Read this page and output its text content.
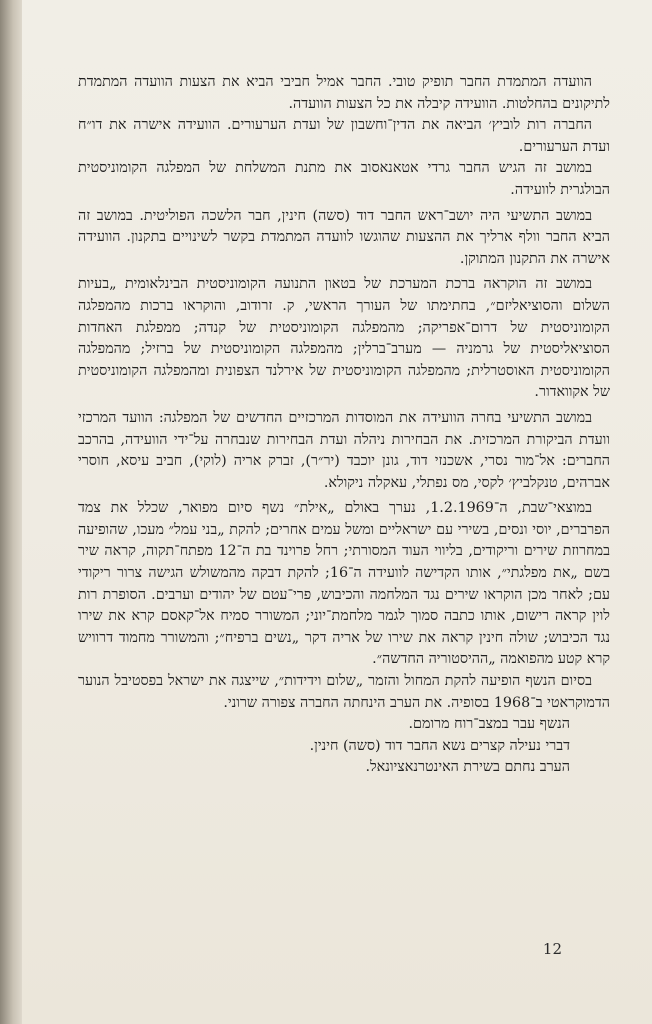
הוועדה המתמדת החבר תופיק טובי. החבר אמיל חביבי הביא את הצעות הוועדה המתמדת לתיקונים בהחלטות. הוועידה קיבלה את כל הצעות הוועדה.

החברה רות לוביץ׳ הביאה את הדין־וחשבון של ועדת הערעורים. הוועידה אישרה את דו״ח ועדת הערעורים.

במושב זה הגיש החבר גרדי אטאנאסוב את מתנת המשלחת של המפלגה הקומוניסטית הבולגרית לוועידה.

במושב התשיעי היה יושב־ראש החבר דוד (סשה) חינין, חבר הלשכה הפוליטית. במושב זה הביא החבר וולף ארליך את ההצעות שהוגשו לוועדה המתמדת בקשר לשינויים בתקנון. הוועידה אישרה את התקנון המתוקן.

במושב זה הוקראה ברכת המערכת של בטאון התנועה הקומוניסטית הבינלאומית „בעיות השלום והסוציאליזם״, בחתימתו של העורך הראשי, ק. זרודוב, והוקראו ברכות מהמפלגה הקומוניסטית של דרום־אפריקה; מהמפלגה הקומוניסטית של קנדה; ממפלגת האחדות הסוציאליסטית של גרמניה — מערב־ברלין; מהמפלגה הקומוניסטית של ברזיל; מהמפלגה הקומוניסטית האוסטרלית; מהמפלגה הקומוניסטית של אירלנד הצפונית ומהמפלגה הקומוניסטית של אקוואדור.

במושב התשיעי בחרה הוועידה את המוסדות המרכזיים החדשים של המפלגה: הוועד המרכזי וועדת הביקורת המרכזית. את הבחירות ניהלה ועדת הבחירות שנבחרה על־ידי הוועידה, בהרכב החברים: אל־מור נסרי, אשכנזי דוד, גונן יוכבד (יר״ר), זברק אריה (לוקי), חביב עיסא, חוסרי אברהים, טנקלביץ׳ לקסי, מס נפתלי, עאקלה ניקולא.

במוצאי־שבת, ה־1.2.1969, נערך באולם „אילת״ נשף סיום מפואר, שכלל את צמד הפרברים, יוסי ונסים, בשירי עם ישראליים ומשל עמים אחרים; להקת „בני עמל״ מעכו, שהופיעה במחרוזת שירים וריקודים, בליווי העוד המסורתי; רחל פרוינד בת ה־12 מפתח־תקוה, קראה שיר בשם „את מפלגתי״, אותו הקדישה לוועידה ה־16; להקת דבקה מהמשולש הגישה צרור ריקודי עם; לאחר מכן הוקראו שירים נגד המלחמה והכיבוש, פרי־עטם של יהודים וערבים. הסופרת רות לוין קראה רישום, אותו כתבה סמוך לגמר מלחמת־יוני; המשורר סמיח אל־קאסם קרא את שירו נגד הכיבוש; שולה חינין קראה את שירו של אריה דקר „נשים ברפיח״; והמשורר מחמוד דרוויש קרא קטע מהפואמה „ההיסטוריה החדשה״.

בסיום הנשף הופיעה להקת המחול והזמר „שלום וידידות״, שייצגה את ישראל בפסטיבל הנוער הדמוקראטי ב־1968 בסופיה. את הערב הינחתה החברה צפורה שרוני.

הנשף עבר במצב־רוח מרומם.

דברי נעילה קצרים נשא החבר דוד (סשה) חינין.

הערב נחתם בשירת האינטרנאציונאל.

12
